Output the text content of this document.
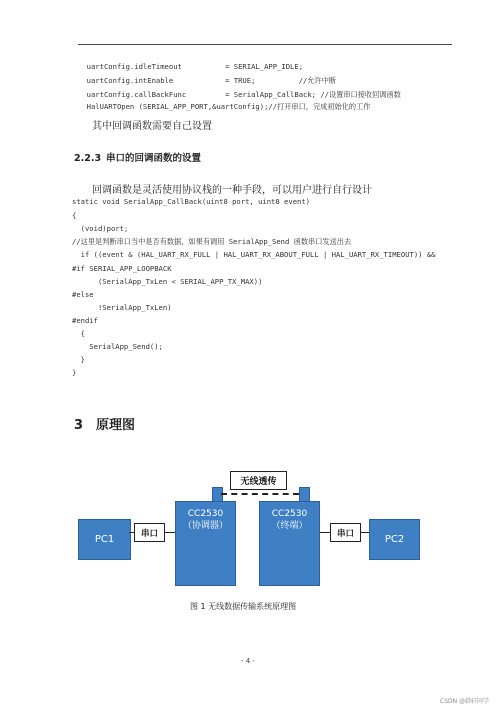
uartConfig.idleTimeout          = SERIAL_APP_IDLE;
uartConfig.intEnable            = TRUE;          //允许中断
uartConfig.callBackFunc         = SerialApp_CallBack; //设置串口接收回调函数
HalUARTOpen (SERIAL_APP_PORT,&uartConfig);//打开串口，完成初始化的工作
其中回调函数需要自己设置
2.2.3 串口的回调函数的设置
回调函数是灵活使用协议栈的一种手段，可以用户进行自行设计
static void SerialApp_CallBack(uint8 port, uint8 event)
{
(void)port;
//这里是判断串口当中是否有数据，如果有调用 SerialApp_Send 函数串口发送出去
if ((event & (HAL_UART_RX_FULL | HAL_UART_RX_ABOUT_FULL | HAL_UART_RX_TIMEOUT)) &&
#if SERIAL_APP_LOOPBACK
(SerialApp_TxLen < SERIAL_APP_TX_MAX))
#else
!SerialApp_TxLen)
#endif
{
SerialApp_Send();
}
}
3 原理图
PC1
串口
CC2530
（协调器）
无线透传
CC2530
（终端）
串口
PC2
图 1 无线数据传输系统原理图
- 4 -
CSDN @韩轩同学
